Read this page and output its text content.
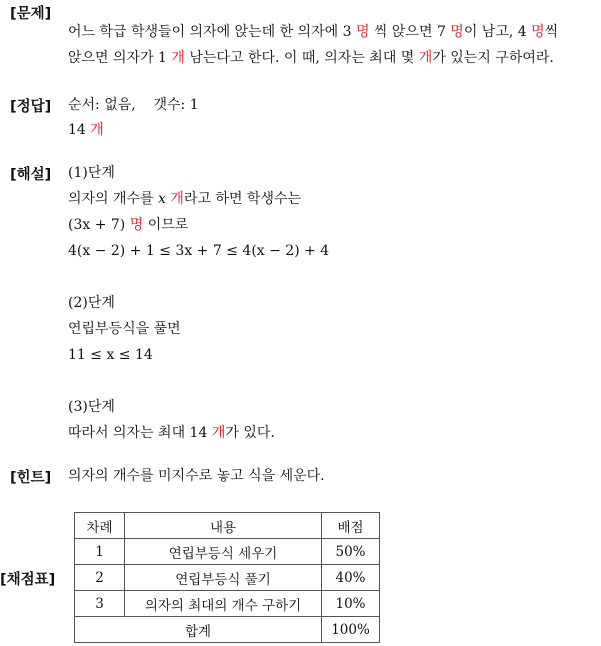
[문제]
어느 학급 학생들이 의자에 앉는데 한 의자에 3 명 씩 앉으면 7 명이 남고, 4 명씩
앉으면 의자가 1 개 남는다고 한다. 이 때, 의자는 최대 몇 개가 있는지 구하여라.
[정답] 순서: 없음,    갯수: 1
14 개
[해설] (1)단계
의자의 개수를 x 개라고 하면 학생수는
(3x + 7) 명 이므로
4(x − 2) + 1 ≤ 3x + 7 ≤ 4(x − 2) + 4
(2)단계
연립부등식을 풀면
11 ≤ x ≤ 14
(3)단계
따라서 의자는 최대 14 개가 있다.
[힌트] 의자의 개수를 미지수로 놓고 식을 세운다.
[채점표]
차례	내용	배점
1	연립부등식 세우기	50%
2	연립부등식 풀기	40%
3	의자의 최대의 개수 구하기	10%
합계		100%
